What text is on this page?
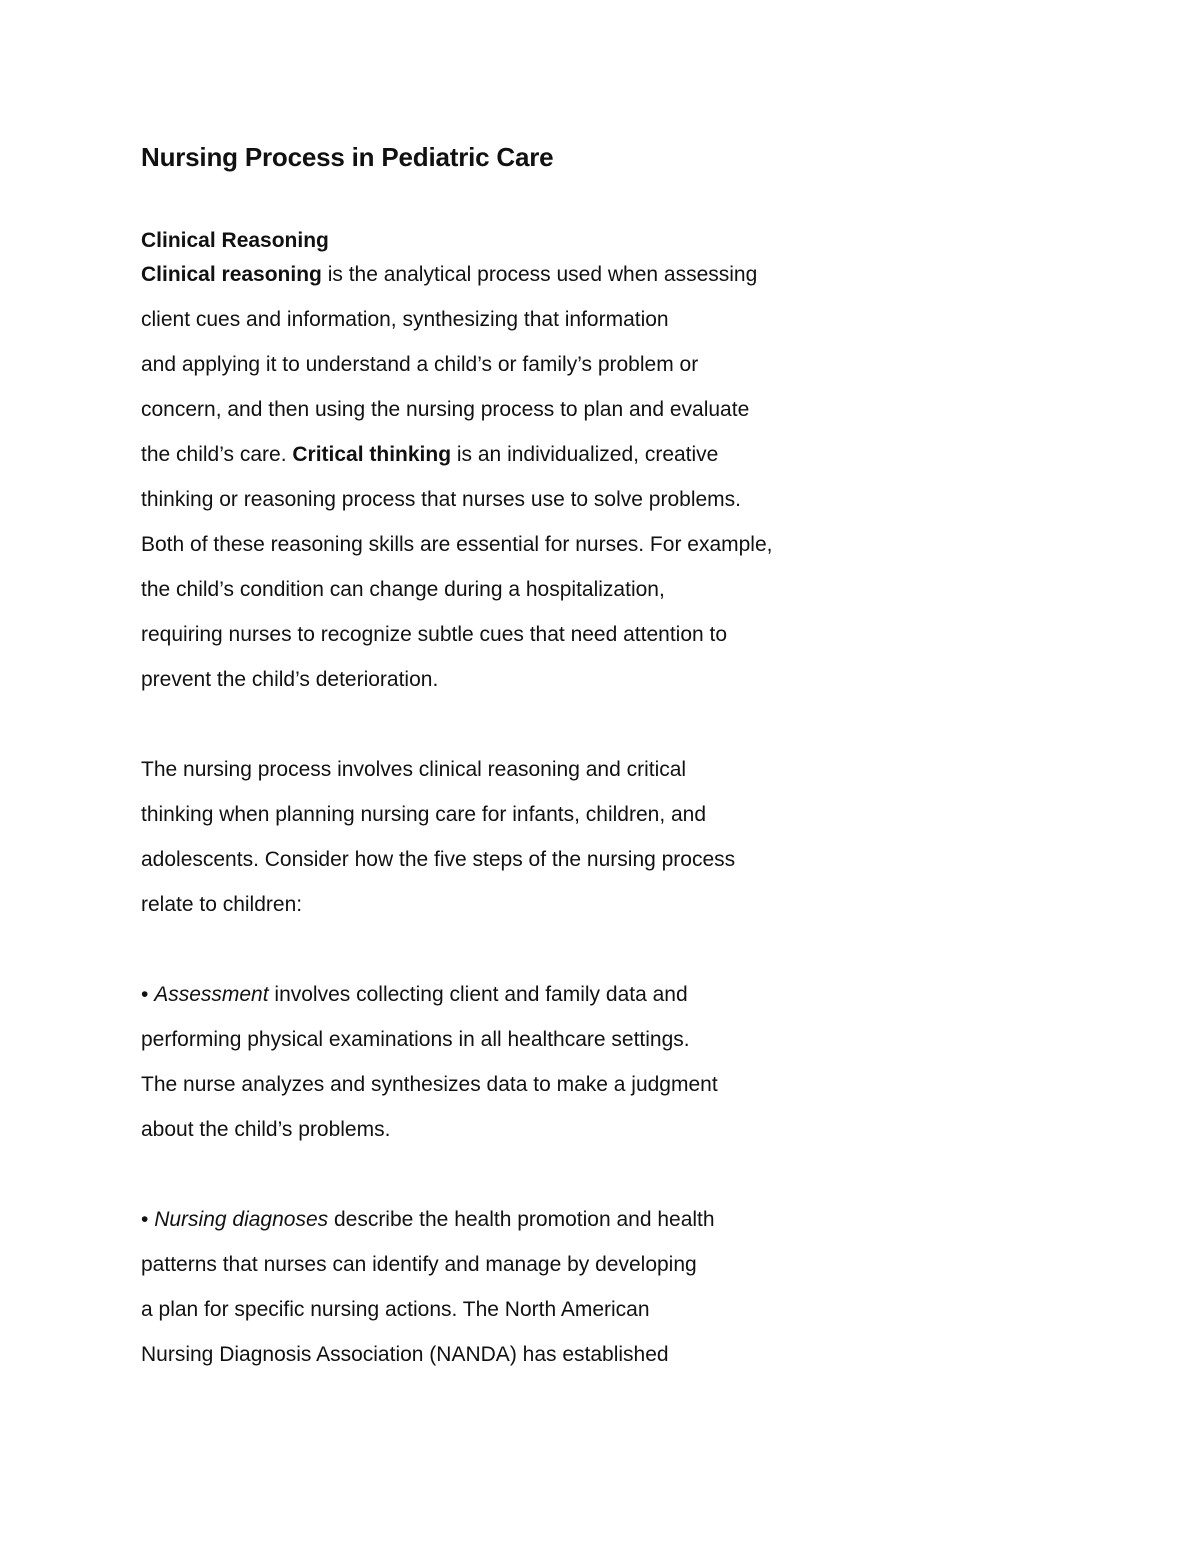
Nursing Process in Pediatric Care
Clinical Reasoning
Clinical reasoning is the analytical process used when assessing
client cues and information, synthesizing that information
and applying it to understand a child’s or family’s problem or
concern, and then using the nursing process to plan and evaluate
the child’s care. Critical thinking is an individualized, creative
thinking or reasoning process that nurses use to solve problems.
Both of these reasoning skills are essential for nurses. For example,
the child’s condition can change during a hospitalization,
requiring nurses to recognize subtle cues that need attention to
prevent the child’s deterioration.
The nursing process involves clinical reasoning and critical
thinking when planning nursing care for infants, children, and
adolescents. Consider how the five steps of the nursing process
relate to children:
• Assessment involves collecting client and family data and
performing physical examinations in all healthcare settings.
The nurse analyzes and synthesizes data to make a judgment
about the child’s problems.
• Nursing diagnoses describe the health promotion and health
patterns that nurses can identify and manage by developing
a plan for specific nursing actions. The North American
Nursing Diagnosis Association (NANDA) has established
